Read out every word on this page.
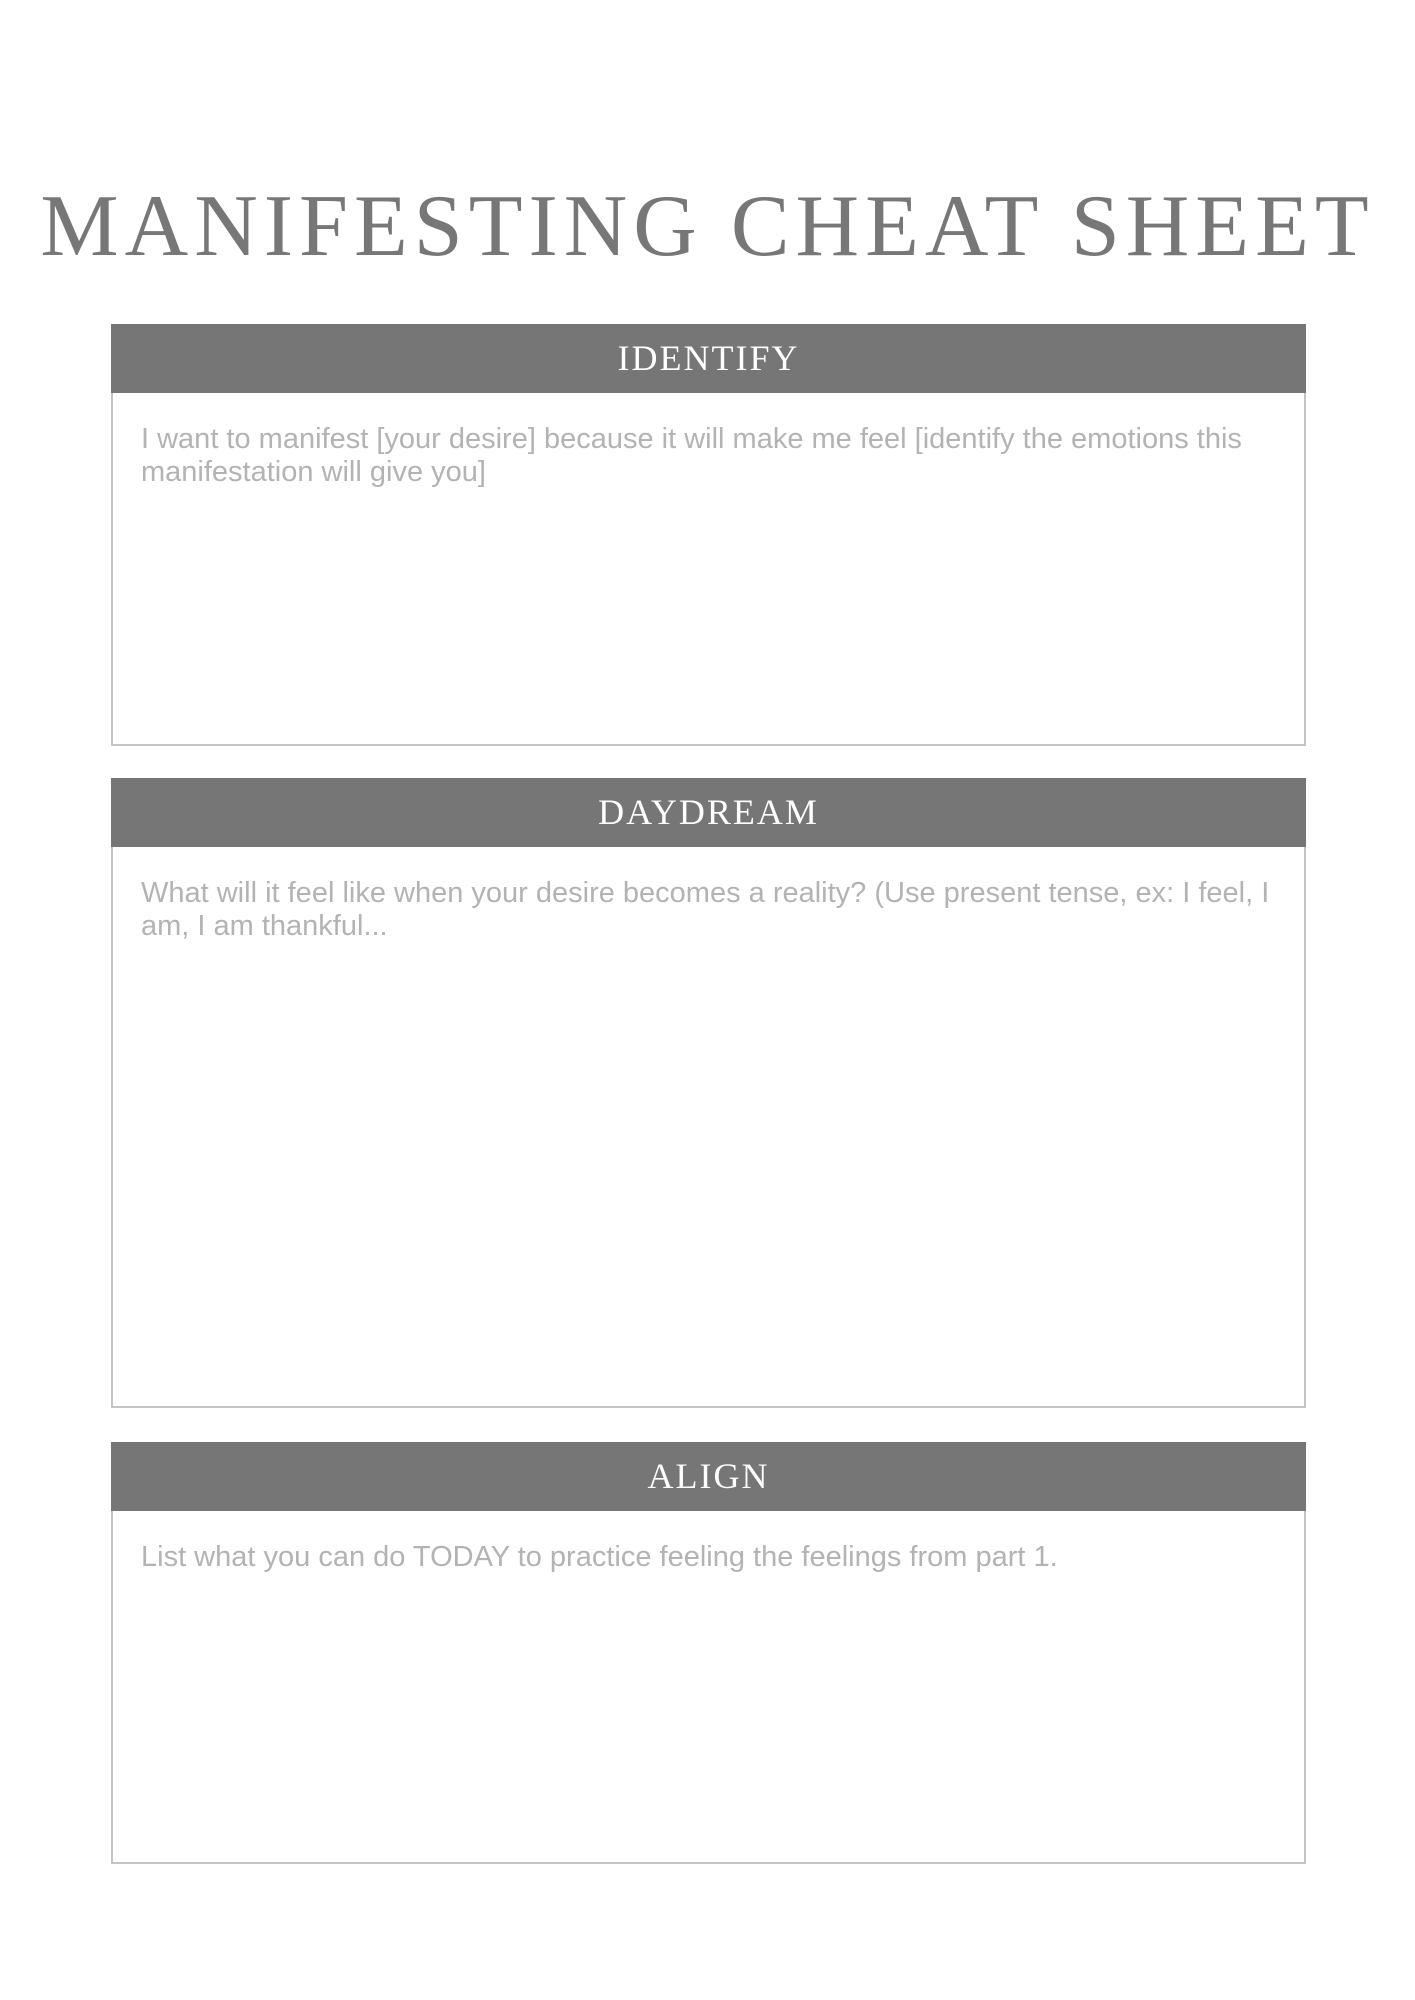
MANIFESTING CHEAT SHEET
IDENTIFY

I want to manifest [your desire] because it will make me feel [identify the emotions this manifestation will give you]

DAYDREAM

What will it feel like when your desire becomes a reality? (Use present tense, ex: I feel, I am, I am thankful...

ALIGN

List what you can do TODAY to practice feeling the feelings from part 1.
